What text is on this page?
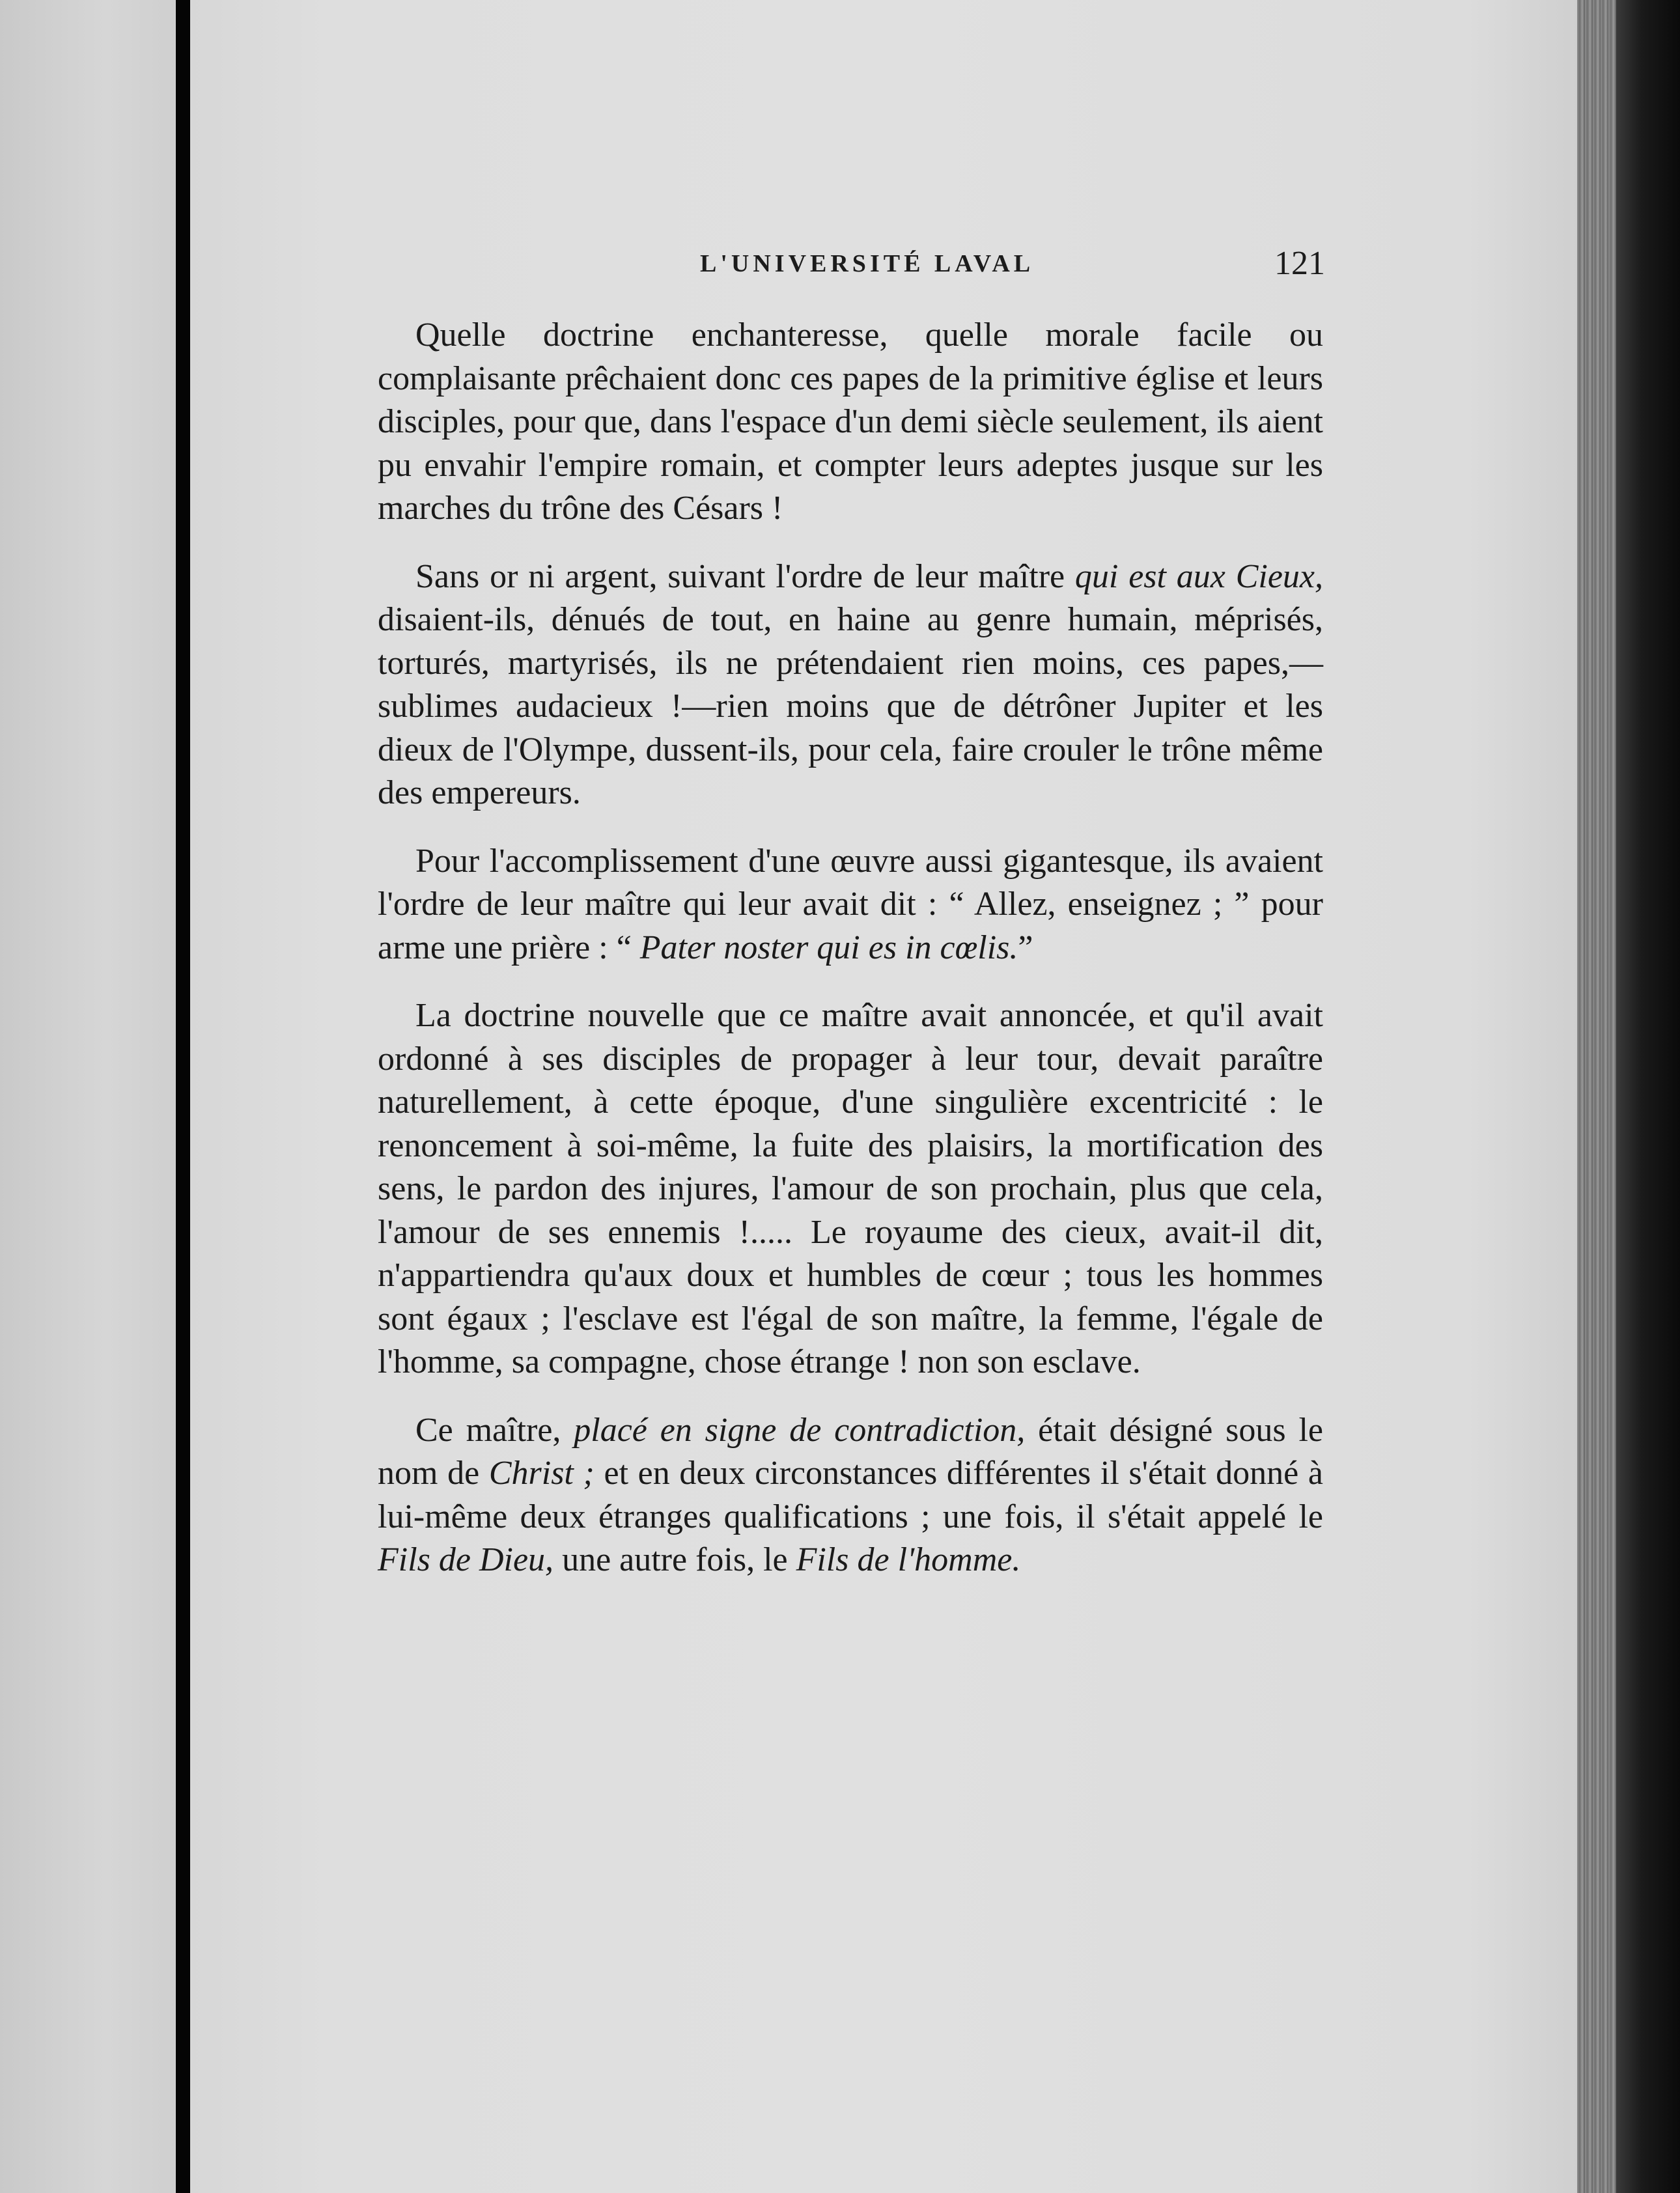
L'UNIVERSITÉ LAVAL	121

Quelle doctrine enchanteresse, quelle morale facile ou complaisante prêchaient donc ces papes de la primitive église et leurs disciples, pour que, dans l'espace d'un demi siècle seulement, ils aient pu envahir l'empire romain, et compter leurs adeptes jusque sur les marches du trône des Césars !

Sans or ni argent, suivant l'ordre de leur maître qui est aux Cieux, disaient-ils, dénués de tout, en haine au genre humain, méprisés, torturés, martyrisés, ils ne prétendaient rien moins, ces papes,—sublimes audacieux !—rien moins que de détrôner Jupiter et les dieux de l'Olympe, dussent-ils, pour cela, faire crouler le trône même des empereurs.

Pour l'accomplissement d'une œuvre aussi gigantesque, ils avaient l'ordre de leur maître qui leur avait dit : “ Allez, enseignez ; ” pour arme une prière : “ Pater noster qui es in cœlis.”

La doctrine nouvelle que ce maître avait annoncée, et qu'il avait ordonné à ses disciples de propager à leur tour, devait paraître naturellement, à cette époque, d'une singulière excentricité : le renoncement à soi-même, la fuite des plaisirs, la mortification des sens, le pardon des injures, l'amour de son prochain, plus que cela, l'amour de ses ennemis !..... Le royaume des cieux, avait-il dit, n'appartiendra qu'aux doux et humbles de cœur ; tous les hommes sont égaux ; l'esclave est l'égal de son maître, la femme, l'égale de l'homme, sa compagne, chose étrange ! non son esclave.

Ce maître, placé en signe de contradiction, était désigné sous le nom de Christ ; et en deux circonstances différentes il s'était donné à lui-même deux étranges qualifications ; une fois, il s'était appelé le Fils de Dieu, une autre fois, le Fils de l'homme.
